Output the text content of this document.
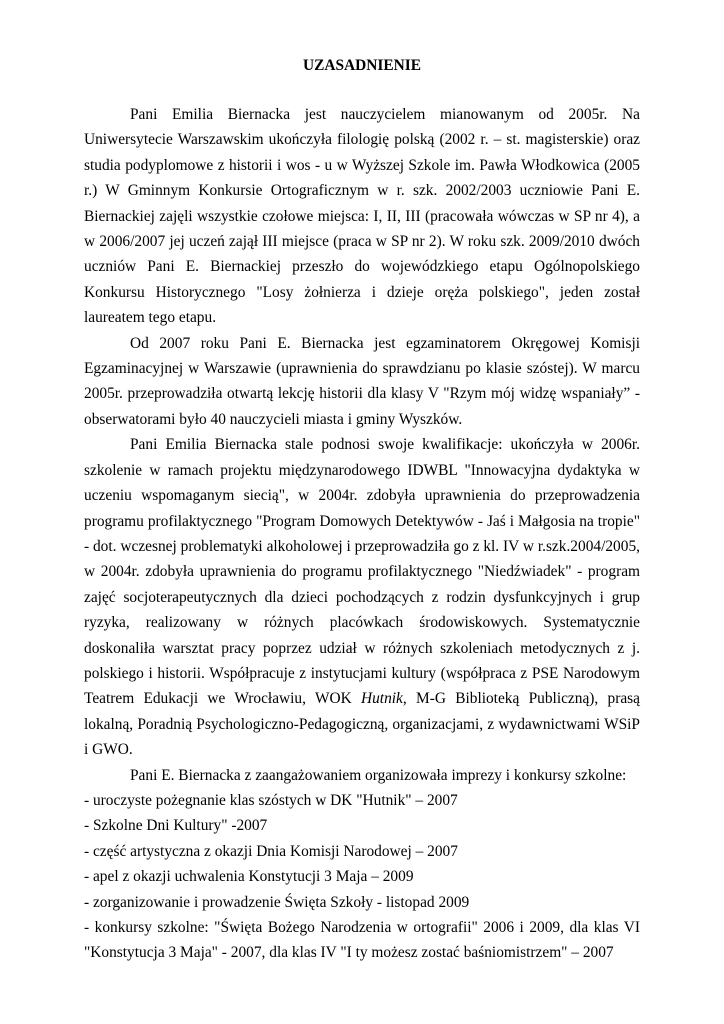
UZASADNIENIE

Pani Emilia Biernacka jest nauczycielem mianowanym od 2005r. Na Uniwersytecie Warszawskim ukończyła filologię polską (2002 r. – st. magisterskie) oraz studia podyplomowe z historii i wos - u w Wyższej Szkole im. Pawła Włodkowica (2005 r.) W Gminnym Konkursie Ortograficznym w r. szk. 2002/2003 uczniowie Pani E. Biernackiej zajęli wszystkie czołowe miejsca: I, II, III (pracowała wówczas w SP nr 4), a w 2006/2007 jej uczeń zajął III miejsce (praca w SP nr 2). W roku szk. 2009/2010 dwóch uczniów Pani E. Biernackiej przeszło do wojewódzkiego etapu Ogólnopolskiego Konkursu Historycznego "Losy żołnierza i dzieje oręża polskiego", jeden został laureatem tego etapu.

Od 2007 roku Pani E. Biernacka jest egzaminatorem Okręgowej Komisji Egzaminacyjnej w Warszawie (uprawnienia do sprawdzianu po klasie szóstej). W marcu 2005r. przeprowadziła otwartą lekcję historii dla klasy V "Rzym mój widzę wspaniały” - obserwatorami było 40 nauczycieli miasta i gminy Wyszków.

Pani Emilia Biernacka stale podnosi swoje kwalifikacje: ukończyła w 2006r. szkolenie w ramach projektu międzynarodowego IDWBL "Innowacyjna dydaktyka w uczeniu wspomaganym siecią", w 2004r. zdobyła uprawnienia do przeprowadzenia programu profilaktycznego "Program Domowych Detektywów - Jaś i Małgosia na tropie" - dot. wczesnej problematyki alkoholowej i przeprowadziła go z kl. IV w r.szk.2004/2005, w 2004r. zdobyła uprawnienia do programu profilaktycznego "Niedźwiadek" - program zajęć socjoterapeutycznych dla dzieci pochodzących z rodzin dysfunkcyjnych i grup ryzyka, realizowany w różnych placówkach środowiskowych. Systematycznie doskonaliła warsztat pracy poprzez udział w różnych szkoleniach metodycznych z j. polskiego i historii. Współpracuje z instytucjami kultury (współpraca z PSE Narodowym Teatrem Edukacji we Wrocławiu, WOK Hutnik, M-G Biblioteką Publiczną), prasą lokalną, Poradnią Psychologiczno-Pedagogiczną, organizacjami, z wydawnictwami WSiP i GWO.

Pani E. Biernacka z zaangażowaniem organizowała imprezy i konkursy szkolne:

- uroczyste pożegnanie klas szóstych w DK "Hutnik" – 2007

- Szkolne Dni Kultury" -2007

- część artystyczna z okazji Dnia Komisji Narodowej – 2007

- apel z okazji uchwalenia Konstytucji 3 Maja – 2009

- zorganizowanie i prowadzenie Święta Szkoły - listopad 2009

- konkursy szkolne: "Święta Bożego Narodzenia w ortografii" 2006 i 2009, dla klas VI "Konstytucja 3 Maja" - 2007, dla klas IV "I ty możesz zostać baśniomistrzem" – 2007
